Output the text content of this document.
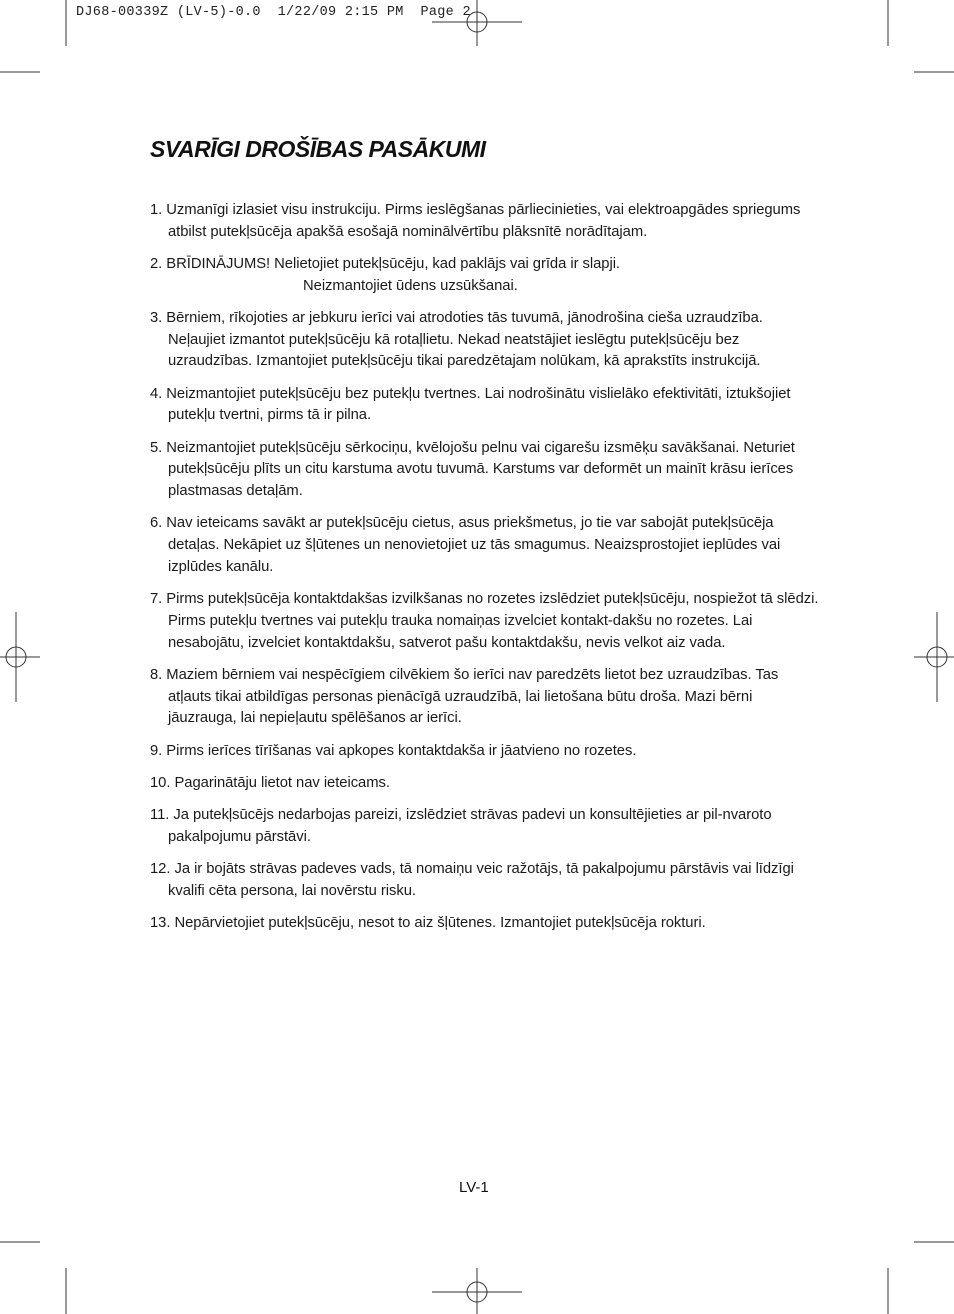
DJ68-00339Z (LV-5)-0.0  1/22/09 2:15 PM  Page 2
SVARĪGI DROŠĪBAS PASĀKUMI
1. Uzmanīgi izlasiet visu instrukciju. Pirms ieslēgšanas pārliecinieties, vai elektroapgādes spriegums atbilst putekļsūcēja apakšā esošajā nominālvērtību plāksnītē norādītajam.
2. BRĪDINĀJUMS! Nelietojiet putekļsūcēju, kad paklājs vai grīda ir slapji.
Neizmantojiet ūdens uzsūkšanai.
3. Bērniem, rīkojoties ar jebkuru ierīci vai atrodoties tās tuvumā, jānodrošina cieša uzraudzība. Neļaujiet izmantot putekļsūcēju kā rotaļlietu. Nekad neatstājiet ieslēgtu putekļsūcēju bez uzraudzības. Izmantojiet putekļsūcēju tikai paredzētajam nolūkam, kā aprakstīts instrukcijā.
4. Neizmantojiet putekļsūcēju bez putekļu tvertnes. Lai nodrošinātu vislielāko efektivitāti, iztukšojiet putekļu tvertni, pirms tā ir pilna.
5. Neizmantojiet putekļsūcēju sērkociņu, kvēlojošu pelnu vai cigarešu izsmēķu savākšanai. Neturiet putekļsūcēju plīts un citu karstuma avotu tuvumā. Karstums var deformēt un mainīt krāsu ierīces plastmasas detaļām.
6. Nav ieteicams savākt ar putekļsūcēju cietus, asus priekšmetus, jo tie var sabojāt putekļsūcēja detaļas. Nekāpiet uz šļūtenes un nenovietojiet uz tās smagumus. Neaizsprostojiet ieplūdes vai izplūdes kanālu.
7. Pirms putekļsūcēja kontaktdakšas izvilkšanas no rozetes izslēdziet putekļsūcēju, nospiežot tā slēdzi. Pirms putekļu tvertnes vai putekļu trauka nomaiņas izvelciet kontakt-dakšu no rozetes. Lai nesabojātu, izvelciet kontaktdakšu, satverot pašu kontaktdakšu, nevis velkot aiz vada.
8. Maziem bērniem vai nespēcīgiem cilvēkiem šo ierīci nav paredzēts lietot bez uzraudzības. Tas atļauts tikai atbildīgas personas pienācīgā uzraudzībā, lai lietošana būtu droša. Mazi bērni jāuzrauga, lai nepieļautu spēlēšanos ar ierīci.
9. Pirms ierīces tīrīšanas vai apkopes kontaktdakša ir jāatvieno no rozetes.
10. Pagarinātāju lietot nav ieteicams.
11. Ja putekļsūcējs nedarbojas pareizi, izslēdziet strāvas padevi un konsultējieties ar pil-nvaroto pakalpojumu pārstāvi.
12. Ja ir bojāts strāvas padeves vads, tā nomaiņu veic ražotājs, tā pakalpojumu pārstāvis vai līdzīgi kvalifi cēta persona, lai novērstu risku.
13. Nepārvietojiet putekļsūcēju, nesot to aiz šļūtenes. Izmantojiet putekļsūcēja rokturi.
LV-1
